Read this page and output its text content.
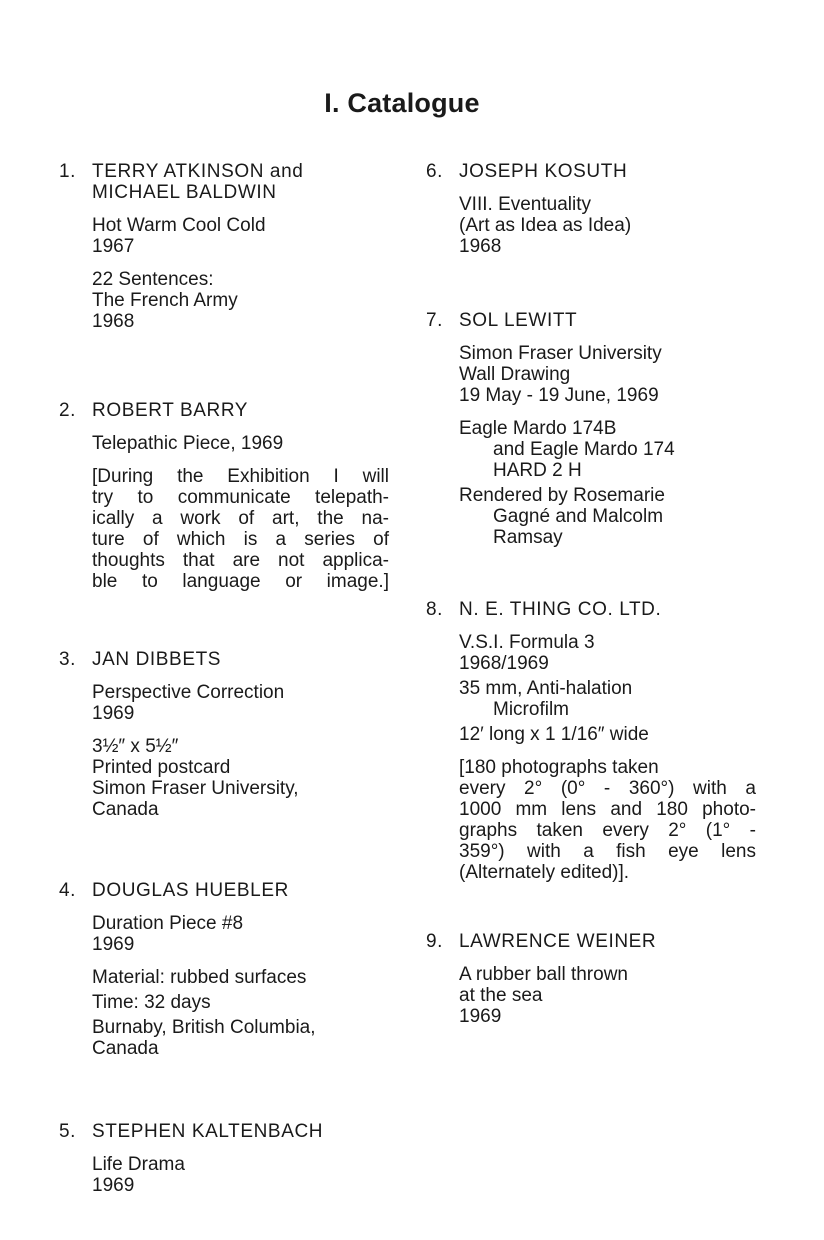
I. Catalogue
1. TERRY ATKINSON and
MICHAEL BALDWIN
Hot Warm Cool Cold
1967
22 Sentences:
The French Army
1968
2. ROBERT BARRY
Telepathic Piece, 1969
[During the Exhibition I will
try to communicate telepath-
ically a work of art, the na-
ture of which is a series of
thoughts that are not applica-
ble to language or image.]
3. JAN DIBBETS
Perspective Correction
1969
3½″ x 5½″
Printed postcard
Simon Fraser University,
Canada
4. DOUGLAS HUEBLER
Duration Piece #8
1969
Material: rubbed surfaces
Time: 32 days
Burnaby, British Columbia,
Canada
5. STEPHEN KALTENBACH
Life Drama
1969
6. JOSEPH KOSUTH
VIII. Eventuality
(Art as Idea as Idea)
1968
7. SOL LEWITT
Simon Fraser University
Wall Drawing
19 May - 19 June, 1969
Eagle Mardo 174B
and Eagle Mardo 174
HARD 2 H
Rendered by Rosemarie
Gagné and Malcolm
Ramsay
8. N. E. THING CO. LTD.
V.S.I. Formula 3
1968/1969
35 mm, Anti-halation
Microfilm
12′ long x 1 1/16″ wide
[180 photographs taken
every 2° (0° - 360°) with a
1000 mm lens and 180 photo-
graphs taken every 2° (1° -
359°) with a fish eye lens
(Alternately edited)].
9. LAWRENCE WEINER
A rubber ball thrown
at the sea
1969
